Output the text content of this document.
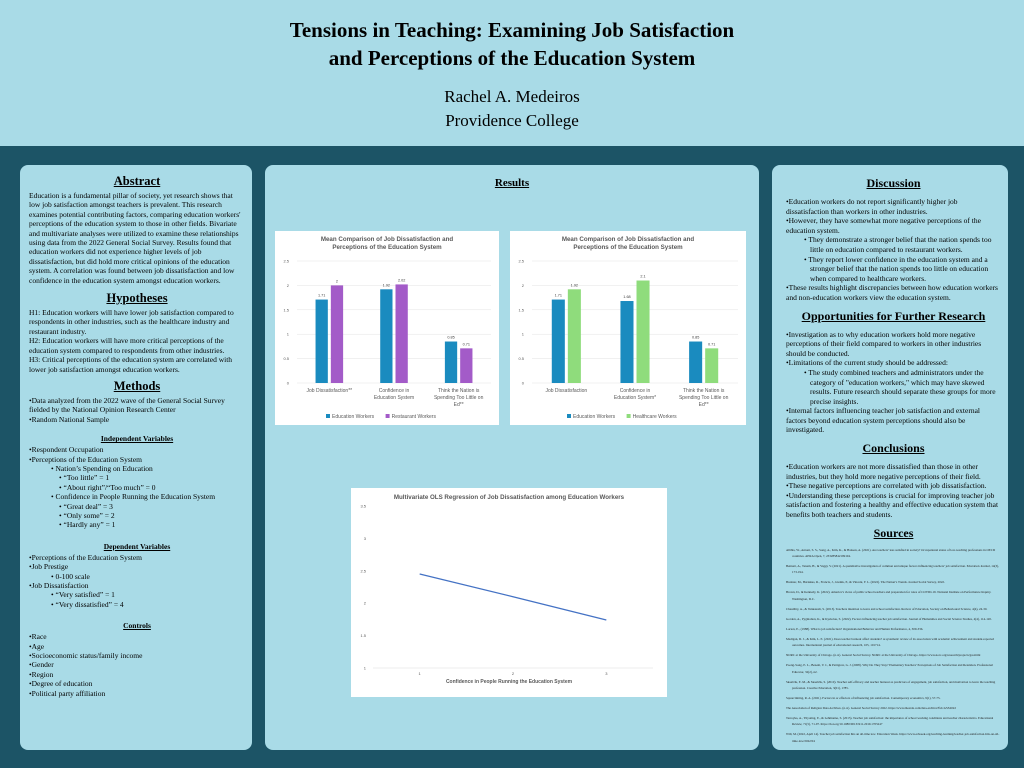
Tensions in Teaching: Examining Job Satisfaction
and Perceptions of the Education System
Rachel A. Medeiros
Providence College
Abstract
Education is a fundamental pillar of society, yet research shows that low job satisfaction amongst teachers is prevalent. This research examines potential contributing factors, comparing education workers' perceptions of the education system to those in other fields. Bivariate and multivariate analyses were utilized to examine these relationships using data from the 2022 General Social Survey. Results found that education workers did not experience higher levels of job dissatisfaction, but did hold more critical opinions of the education system. A correlation was found between job dissatisfaction and low confidence in the education system amongst education workers.
Hypotheses
H1: Education workers will have lower job satisfaction compared to respondents in other industries, such as the healthcare industry and restaurant industry.
H2: Education workers will have more critical perceptions of the education system compared to respondents from other industries.
H3: Critical perceptions of the education system are correlated with lower job satisfaction amongst education workers.
Methods
•Data analyzed from the 2022 wave of the General Social Survey fielded by the National Opinion Research Center
•Random National Sample
Independent Variables
•Respondent Occupation
•Perceptions of the Education System
• Nation’s Spending on Education
• “Too little” = 1
• “About right”/“Too much” = 0
• Confidence in People Running the Education System
• “Great deal” = 3
• “Only some” = 2
• “Hardly any” = 1
Dependent Variables
•Perceptions of the Education System
•Job Prestige
• 0-100 scale
•Job Dissatisfaction
• “Very satisfied” = 1
• “Very dissatisfied” = 4
Controls
•Race
•Age
•Socioeconomic status/family income
•Gender
•Region
•Degree of education
•Political party affiliation
Results
Mean Comparison of Job Dissatisfaction and
Perceptions of the Education System
0
0.5
1
1.5
2
2.5
1.71
2
Job Dissatisfaction**
1.92
2.02
Confidence in
Education System
0.85
0.71
Think the Nation is
Spending Too Little on
Ed**
Education Workers	Restaurant Workers
Mean Comparison of Job Dissatisfaction and
Perceptions of the Education System
0
0.5
1
1.5
2
2.5
1.71
1.92
Job Dissatisfaction
1.68
2.1
Confidence in
Education System*
0.85
0.71
Think the Nation is
Spending Too Little on
Ed**
Education Workers	Healthcare Workers
Multivariate OLS Regression of Job Dissatisfaction among Education Workers
1
1.5
2
2.5
3
3.5
1	2	3
Confidence in People Running the Education System
Discussion
•Education workers do not report significantly higher job dissatisfaction than workers in other industries.
•However, they have somewhat more negative perceptions of the education system.
• They demonstrate a stronger belief that the nation spends too little on education compared to restaurant workers.
• They report lower confidence in the education system and a stronger belief that the nation spends too little on education when compared to healthcare workers.
•These results highlight discrepancies between how education workers and non-education workers view the education system.
Opportunities for Further Research
•Investigation as to why education workers hold more negative perceptions of their field compared to workers in other industries should be conducted.
•Limitations of the current study should be addressed:
• The study combined teachers and administrators under the category of "education workers," which may have skewed results. Future research should separate these groups for more precise insights.
•Internal factors influencing teacher job satisfaction and external factors beyond education system perceptions should also be investigated.
Conclusions
•Education workers are not more dissatisfied than those in other industries, but they hold more negative perceptions of their field.
•These negative perceptions are correlated with job dissatisfaction.
•Understanding these perceptions is crucial for improving teacher job satisfaction and fostering a healthy and effective education system that benefits both teachers and students.
Sources
Allthis, W., Antoni, S. S., Song, A., Kim, K., & Hanson, A. (2021). Are teachers’ less satisfied in society? Occupational status of low-teaching professions in OECD countries. AERA Open, 7, 233285842199104.
Bennett, A., Tenem, H., & Vaggi, V. (2021). A quantitative investigation of common and unique factors influencing teachers’ job satisfaction. Education Journal, 14(3), 173-194.
Brenner, M., Buriakus, R., Francis, J., Glenik, P., & Vincent, F. L. (2022). The Nation’s Trends. Journal Social Survey, 2022.
Brown, D., & Kennedy, K. (2022). America’s views of public school teachers and preparation for roles of COVID-19. National Institute on Performance Inquiry. Washington, D.C.
Chaudhry, A., & Venkatesh, S. (2013). Teachers intention to leave and school satisfaction. Review of Education, Society on Behavioural Science, 4(4), 24-30.
Gordon, A., Pygmalion, K., & Kyziolou, S. (2022). Factors influencing teacher job satisfaction. Journal of Humanities and Social Science Studies, 4(4), 114-120.
Lorion, E., (1988). What is job satisfaction? Organizational Behavior and Human Performance, 4, 309-336.
Madigan, D. J., & Kim, L. E. (2021). Does teacher burnout affect students? A systematic review of its association with academic achievement and student-reported outcomes. International journal of educational research, 105, 101714.
NORC at the University of Chicago. (n.d.). General Social Survey. NORC at the University of Chicago. https://www.norc.org/research/projects/gss.html
Poong-Song, E. L., Bezem, V. J., & Pettigrew, G. J. (2008). Why Do They Stay? Elementary Teachers’ Perceptions of Job Satisfaction and Retention. Professional Educator, 32(2), n2.
Skaalvik, E. M., & Skaalvik, S. (2010). Teacher self-efficacy and teacher burnout as predictors of engagement, job satisfaction, and motivation to leave the teaching profession. Creative Education, 3(01), 1785.
Squarciniting, R. A. (2021). Factors in or effectors of influencing job satisfaction. Contemporary economics, 9(1), 57-75.
The Association of Religion Data Archives. (n.d.). General Social Survey 2022. https://www.thearda.com/data-archive?fid=GSS2022
Tarroyka, A., Tliyoting, E., & Lehmanne, S. (2015). Teacher job satisfaction: the importance of school working conditions and teacher characteristics. Educational Review, 71(5), 71-97. https://doi.org/10.1080/00131911.2019.1705247
Will, M. (2022, April 14). Teacher job satisfaction hits an all-time low. Education Week. https://www.edweek.org/teaching-learning/teacher-job-satisfaction-hits-an-all-time-low/2022/04
